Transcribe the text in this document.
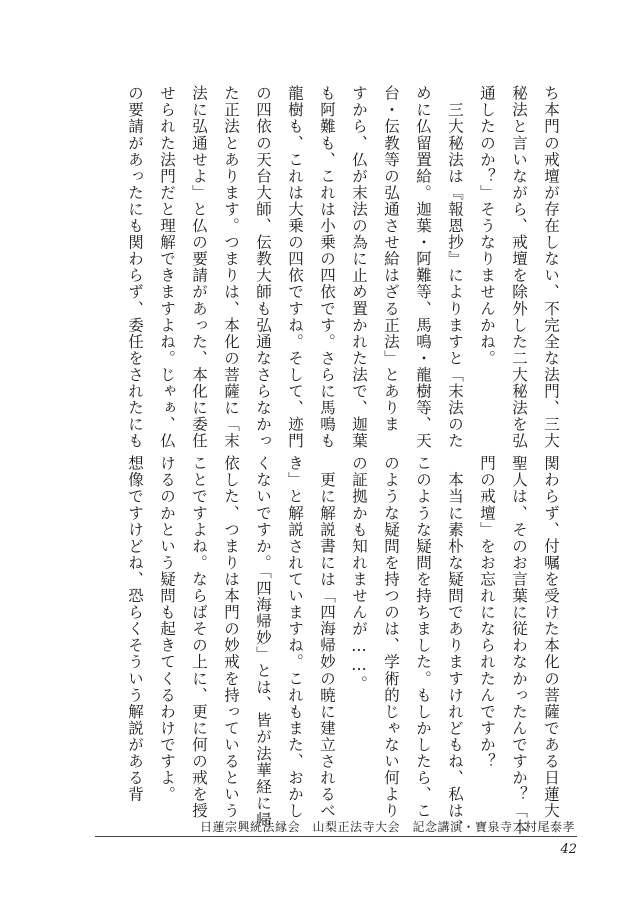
ち本門の戒壇が存在しない、不完全な法門、三大
秘法と言いながら、戒壇を除外した二大秘法を弘
通したのか？」そうなりませんかね。
　三大秘法は『報恩抄』によりますと「末法のた
めに仏留置給。迦葉・阿難等、馬鳴・龍樹等、天
台・伝教等の弘通させ給はざる正法」とありま
すから、仏が末法の為に止め置かれた法で、迦葉
も阿難も、これは小乗の四依です。さらに馬鳴も
龍樹も、これは大乗の四依ですね。そして、迹門
の四依の天台大師、伝教大師も弘通なさらなかっ
た正法とあります。つまりは、本化の菩薩に「末
法に弘通せよ」と仏の要請があった、本化に委任
せられた法門だと理解できますよね。じゃぁ、仏
の要請があったにも関わらず、委任をされたにも

関わらず、付嘱を受けた本化の菩薩である日蓮大
聖人は、そのお言葉に従わなかったんですか？「本
門の戒壇」をお忘れになられたんですか？
　本当に素朴な疑問でありますけれどもね、私は、
このような疑問を持ちました。もしかしたら、こ
のような疑問を持つのは、学術的じゃない何より
の証拠かも知れませんが……。
　更に解説書には「四海帰妙の暁に建立されるべ
き」と解説されていますね。これもまた、おかし
くないですか。「四海帰妙」とは、皆が法華経に帰
依した、つまりは本門の妙戒を持っているという
ことですよね。ならばその上に、更に何の戒を授
けるのかという疑問も起きてくるわけですよ。
想像ですけどね、恐らくそういう解説がある背

日蓮宗興統法縁会　山梨正法寺大会　記念講演・寶泉寺　村尾泰孝
42
